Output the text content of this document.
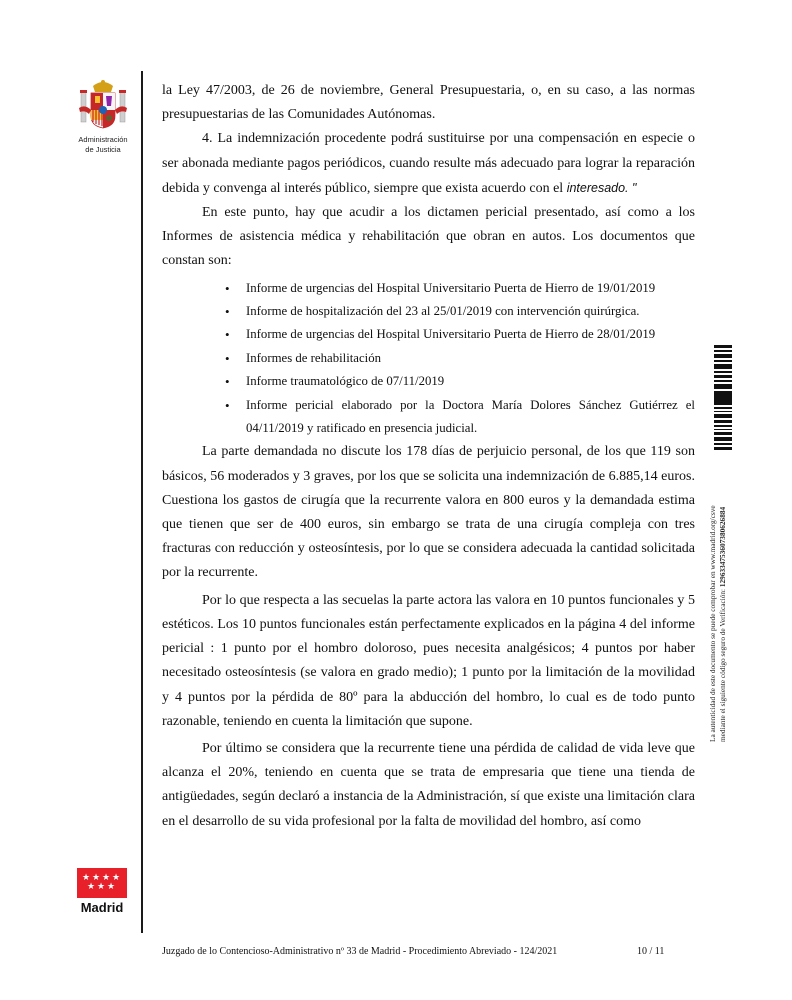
Administración
de Justicia
★ ★ ★ ★
★ ★ ★
Madrid

la Ley 47/2003, de 26 de noviembre, General Presupuestaria, o, en su caso, a las normas presupuestarias de las Comunidades Autónomas.

4. La indemnización procedente podrá sustituirse por una compensación en especie o ser abonada mediante pagos periódicos, cuando resulte más adecuado para lograr la reparación debida y convenga al interés público, siempre que exista acuerdo con el interesado. "

En este punto, hay que acudir a los dictamen pericial presentado, así como a los Informes de asistencia médica y rehabilitación que obran en autos. Los documentos que constan son:

• Informe de urgencias del Hospital Universitario Puerta de Hierro de 19/01/2019
• Informe de hospitalización del 23 al 25/01/2019 con intervención quirúrgica.
• Informe de urgencias del Hospital Universitario Puerta de Hierro de 28/01/2019
• Informes de rehabilitación
• Informe traumatológico de 07/11/2019
• Informe pericial elaborado por la Doctora María Dolores Sánchez Gutiérrez el 04/11/2019 y ratificado en presencia judicial.

La parte demandada no discute los 178 días de perjuicio personal, de los que 119 son básicos, 56 moderados y 3 graves, por los que se solicita una indemnización de 6.885,14 euros. Cuestiona los gastos de cirugía que la recurrente valora en 800 euros y la demandada estima que tienen que ser de 400 euros, sin embargo se trata de una cirugía compleja con tres fracturas con reducción y osteosíntesis, por lo que se considera adecuada la cantidad solicitada por la recurrente.

Por lo que respecta a las secuelas la parte actora las valora en 10 puntos funcionales y 5 estéticos. Los 10 puntos funcionales están perfectamente explicados en la página 4 del informe pericial : 1 punto por el hombro doloroso, pues necesita analgésicos; 4 puntos por haber necesitado osteosíntesis (se valora en grado medio); 1 punto por la limitación de la movilidad y 4 puntos por la pérdida de 80º para la abducción del hombro, lo cual es de todo punto razonable, teniendo en cuenta la limitación que supone.

Por último se considera que la recurrente tiene una pérdida de calidad de vida leve que alcanza el 20%, teniendo en cuenta que se trata de empresaria que tiene una tienda de antigüedades, según declaró a instancia de la Administración, sí que existe una limitación clara en el desarrollo de su vida profesional por la falta de movilidad del hombro, así como

La autenticidad de este documento se puede comprobar en www.madrid.org/csve mediante el siguiente código seguro de Verificación: 1296334753607380626884
Juzgado de lo Contencioso-Administrativo nº 33 de Madrid - Procedimiento Abreviado - 124/2021	10 / 11
